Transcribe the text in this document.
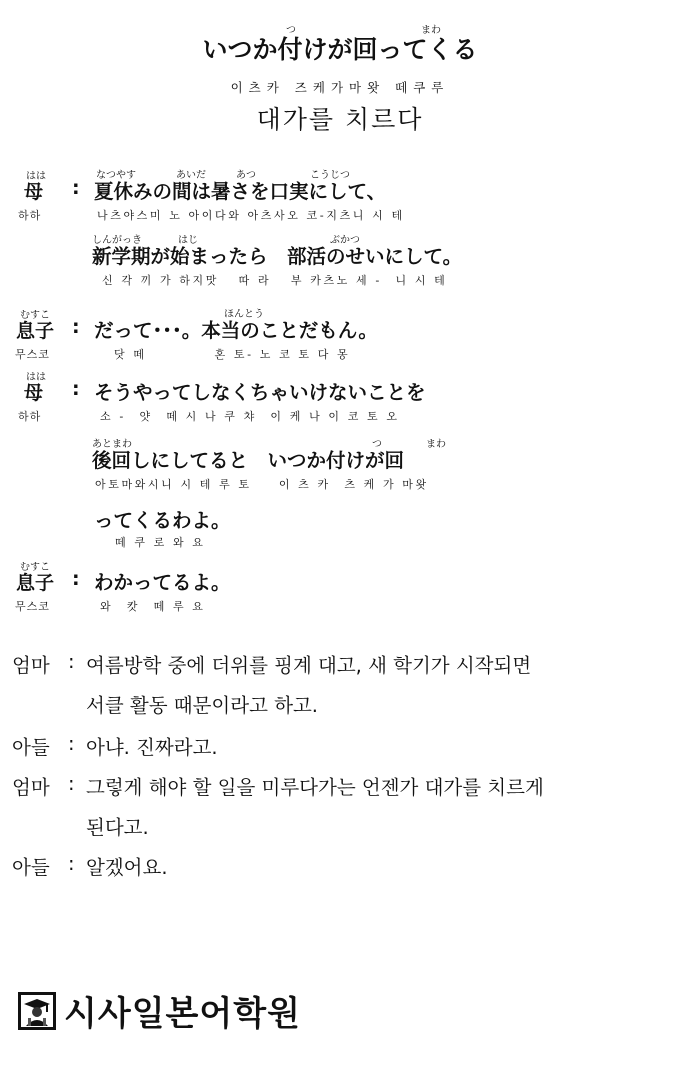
つ	まわ
いつか付けが回ってくる
이츠카 즈케가마왓 떼쿠루
대가를 치르다
はは
母 :
하하
なつやす	あいだ	あつ	こうじつ
夏休みの間は暑さを口実にして、
나츠야스미 노 아이다와 아츠사오 코-지츠니 시 테
しんがっき	はじ	ぶかつ
新学期が始まったら　部活のせいにして。
신 각 끼 가 하지맛 　따 라　 부 카츠노 세 -　니 시 테
むすこ
息子 :
무스코
ほんとう
だって･･･。本当のことだもん。
닷 떼　　　　　혼 토- 노 코 토 다 몽
はは
母 :
하하
そうやってしなくちゃいけないことを
소 -　얏　떼 시 나 쿠 챠　이 케 나 이 코 토 오
あとまわ	つ	まわ
後回しにしてると　いつか付けが回
아토마와시니 시 테 루 토　　이 츠 카　츠 케 가 마왓
ってくるわよ。
떼 쿠 로 와 요
むすこ
息子 :
무스코
わかってるよ。
와　캇　떼 루 요
엄마 : 여름방학 중에 더위를 핑계 대고, 새 학기가 시작되면
서클 활동 때문이라고 하고.
아들 : 아냐. 진짜라고.
엄마 : 그렇게 해야 할 일을 미루다가는 언젠가 대가를 치르게
된다고.
아들 : 알겠어요.
시사일본어학원
